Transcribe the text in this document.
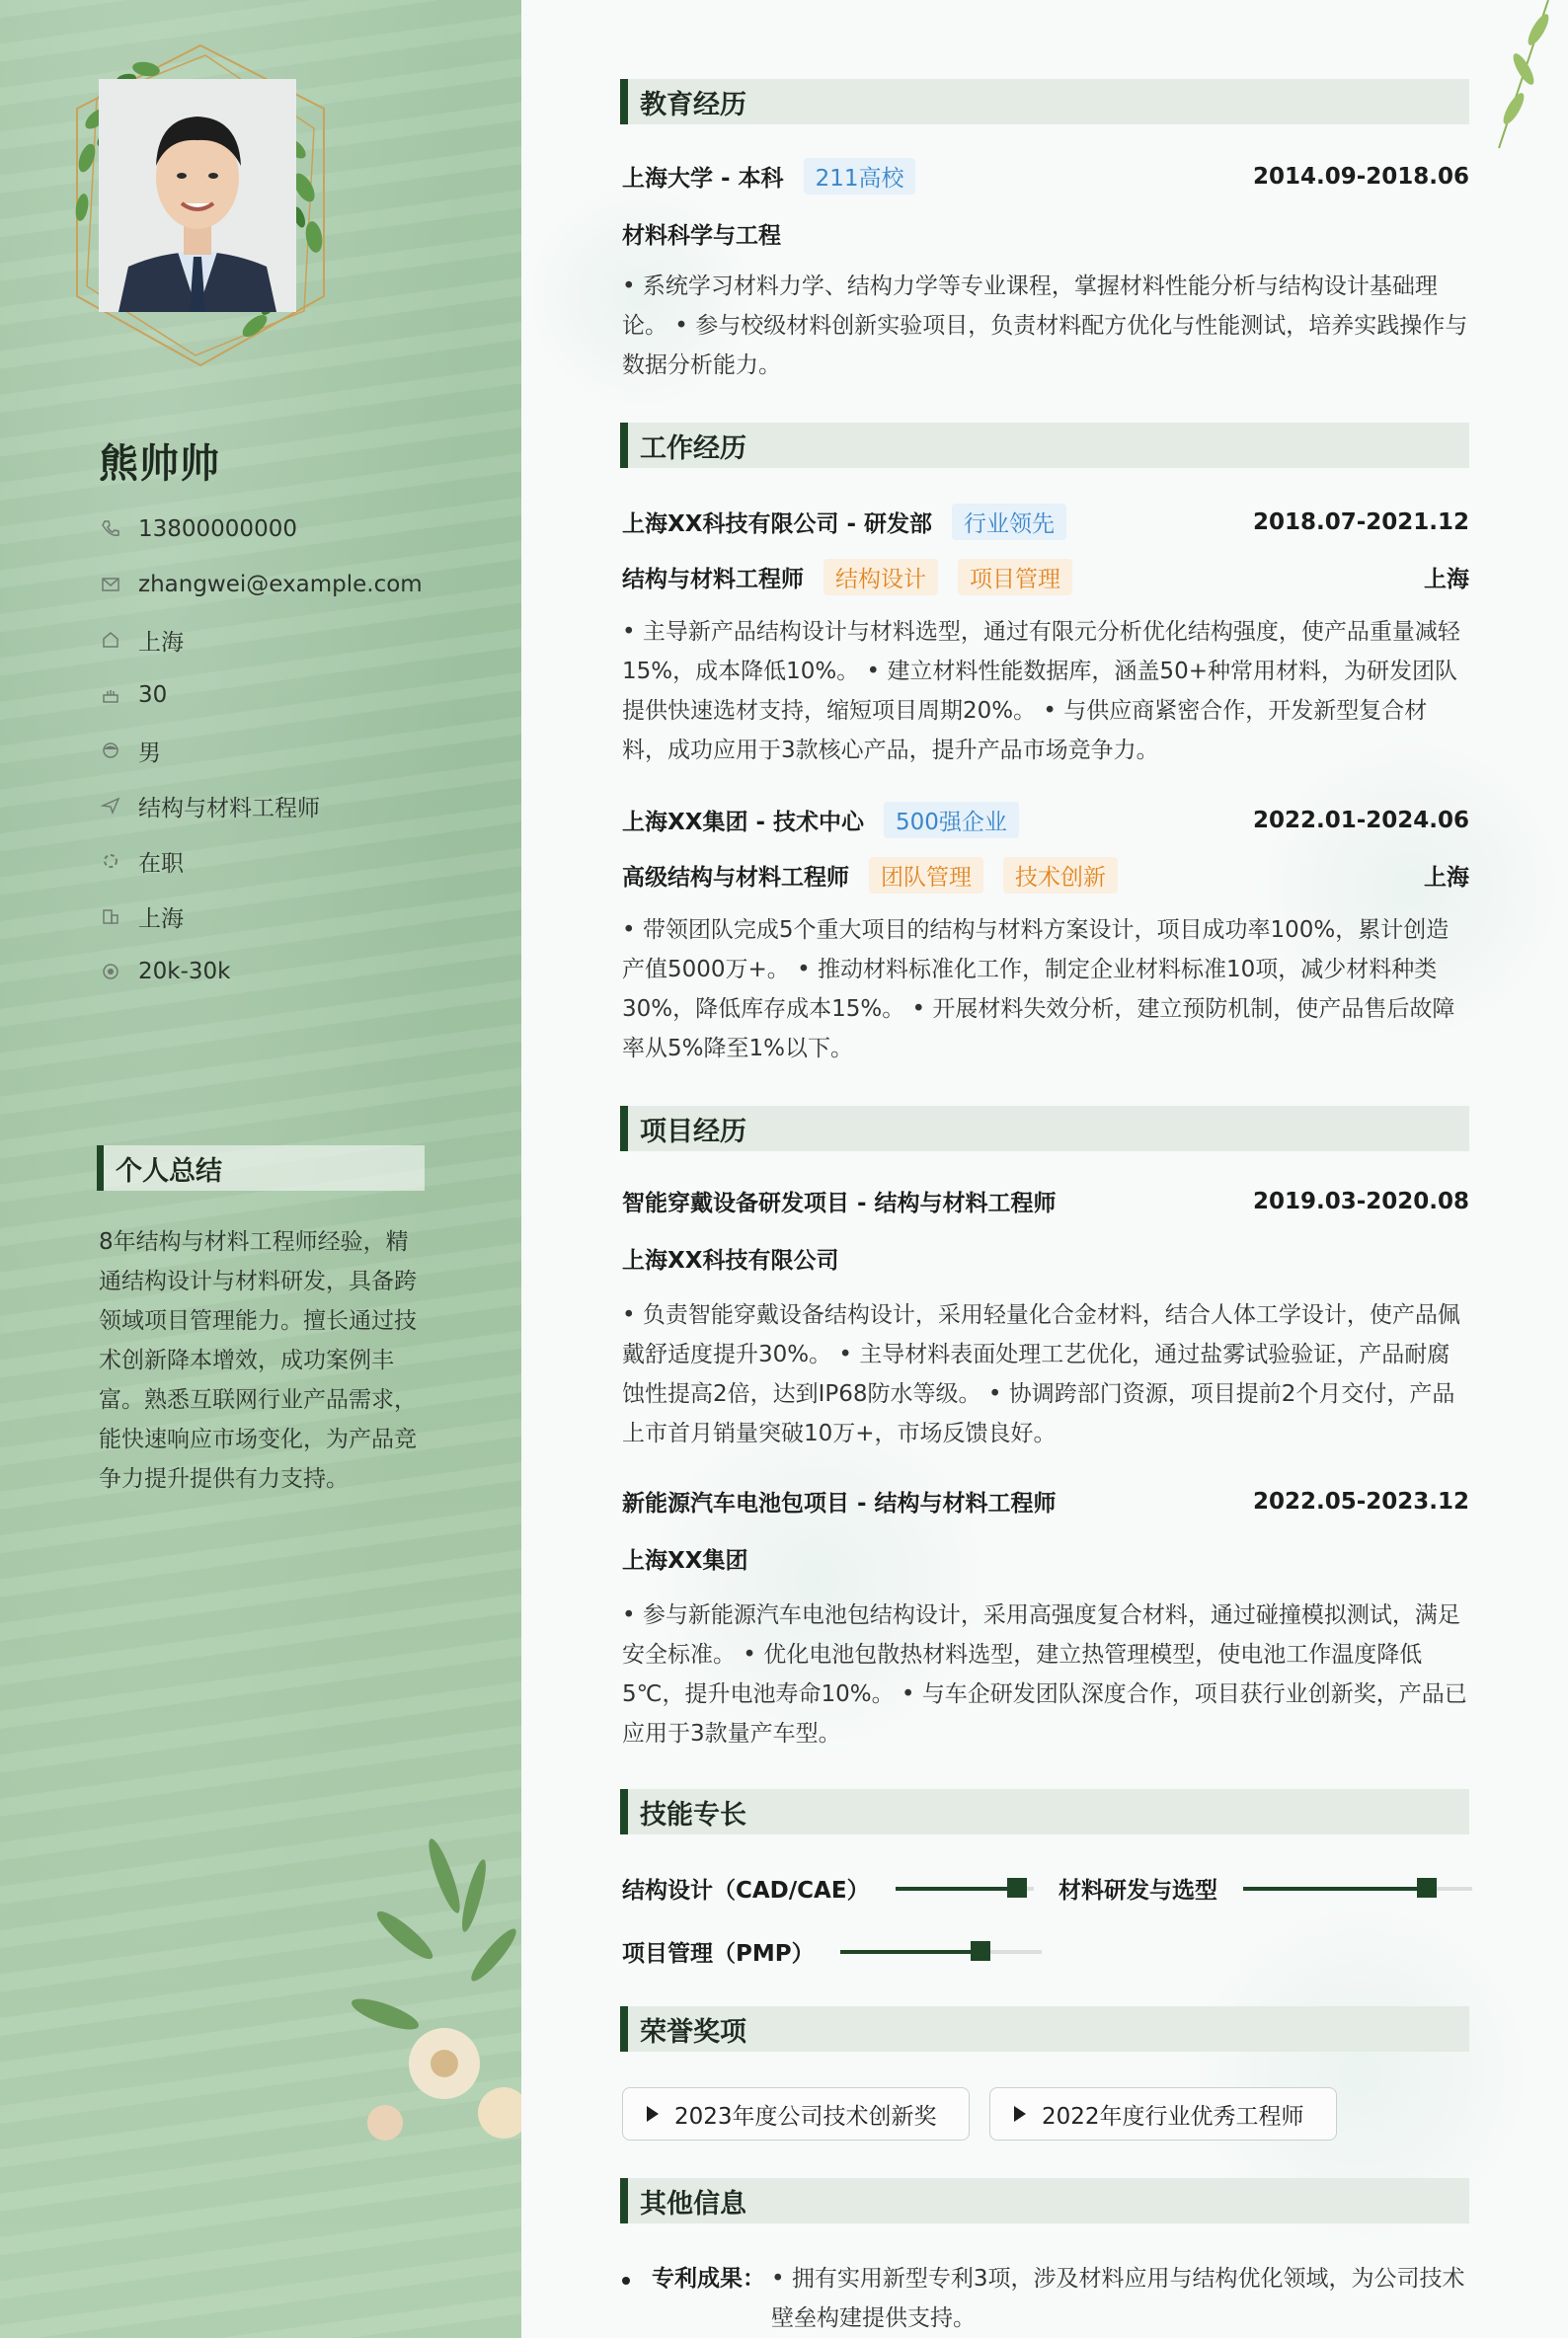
熊帅帅
13800000000
zhangwei@example.com
上海
30
男
结构与材料工程师
在职
上海
20k-30k
个人总结
8年结构与材料工程师经验，精通结构设计与材料研发，具备跨领域项目管理能力。擅长通过技术创新降本增效，成功案例丰富。熟悉互联网行业产品需求，能快速响应市场变化，为产品竞争力提升提供有力支持。
教育经历
上海大学 - 本科	211高校	2014.09-2018.06
材料科学与工程
• 系统学习材料力学、结构力学等专业课程，掌握材料性能分析与结构设计基础理论。 • 参与校级材料创新实验项目，负责材料配方优化与性能测试，培养实践操作与数据分析能力。
工作经历
上海XX科技有限公司 - 研发部	行业领先	2018.07-2021.12
结构与材料工程师	结构设计	项目管理	上海
• 主导新产品结构设计与材料选型，通过有限元分析优化结构强度，使产品重量减轻15%，成本降低10%。 • 建立材料性能数据库，涵盖50+种常用材料，为研发团队提供快速选材支持，缩短项目周期20%。 • 与供应商紧密合作，开发新型复合材料，成功应用于3款核心产品，提升产品市场竞争力。
上海XX集团 - 技术中心	500强企业	2022.01-2024.06
高级结构与材料工程师	团队管理	技术创新	上海
• 带领团队完成5个重大项目的结构与材料方案设计，项目成功率100%，累计创造产值5000万+。 • 推动材料标准化工作，制定企业材料标准10项，减少材料种类30%，降低库存成本15%。 • 开展材料失效分析，建立预防机制，使产品售后故障率从5%降至1%以下。
项目经历
智能穿戴设备研发项目 - 结构与材料工程师	2019.03-2020.08
上海XX科技有限公司
• 负责智能穿戴设备结构设计，采用轻量化合金材料，结合人体工学设计，使产品佩戴舒适度提升30%。 • 主导材料表面处理工艺优化，通过盐雾试验验证，产品耐腐蚀性提高2倍，达到IP68防水等级。 • 协调跨部门资源，项目提前2个月交付，产品上市首月销量突破10万+，市场反馈良好。
新能源汽车电池包项目 - 结构与材料工程师	2022.05-2023.12
上海XX集团
• 参与新能源汽车电池包结构设计，采用高强度复合材料，通过碰撞模拟测试，满足安全标准。 • 优化电池包散热材料选型，建立热管理模型，使电池工作温度降低5℃，提升电池寿命10%。 • 与车企研发团队深度合作，项目获行业创新奖，产品已应用于3款量产车型。
技能专长
结构设计（CAD/CAE）	材料研发与选型
项目管理（PMP）
荣誉奖项
2023年度公司技术创新奖	2022年度行业优秀工程师
其他信息
专利成果： • 拥有实用新型专利3项，涉及材料应用与结构优化领域，为公司技术壁垒构建提供支持。
